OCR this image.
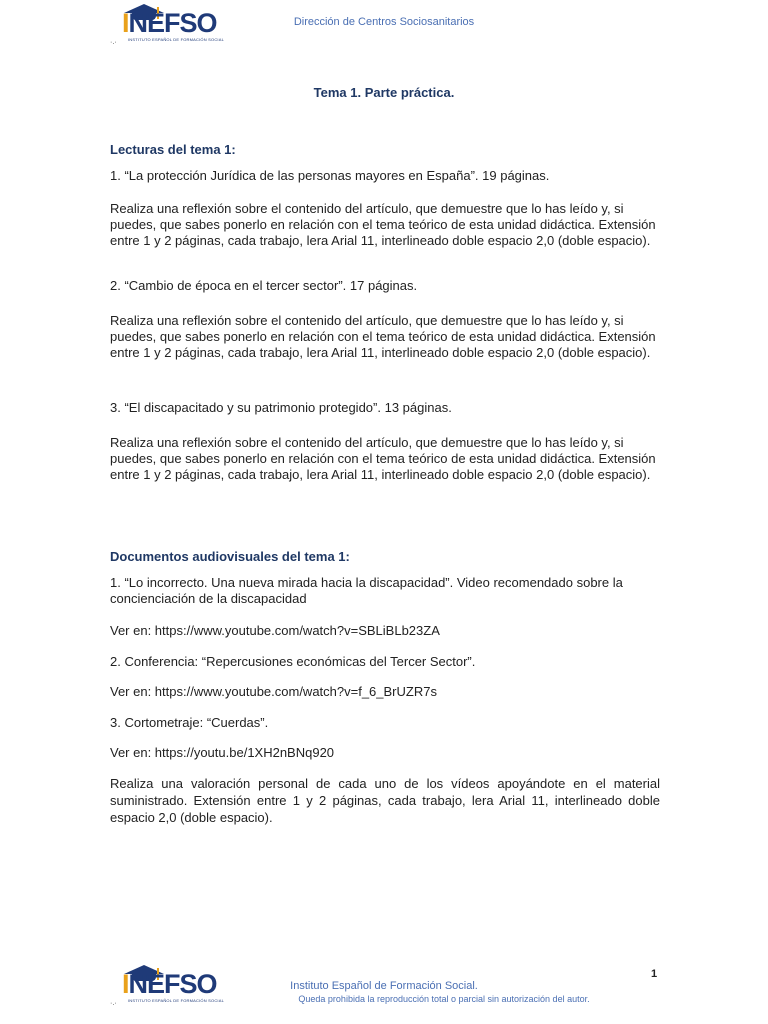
INEFSO
INSTITUTO ESPAÑOL DE FORMACIÓN SOCIAL
·.·
Dirección de Centros Sociosanitarios
Tema 1. Parte práctica.
Lecturas del tema 1:
1. “La protección Jurídica de las personas mayores en España”. 19 páginas.
Realiza una reflexión sobre el contenido del artículo, que demuestre que lo has leído y, si puedes, que sabes ponerlo en relación con el tema teórico de esta unidad didáctica. Extensión entre 1 y 2 páginas, cada trabajo, lera Arial 11, interlineado doble espacio 2,0 (doble espacio).
2. “Cambio de época en el tercer sector”. 17 páginas.
Realiza una reflexión sobre el contenido del artículo, que demuestre que lo has leído y, si puedes, que sabes ponerlo en relación con el tema teórico de esta unidad didáctica. Extensión entre 1 y 2 páginas, cada trabajo, lera Arial 11, interlineado doble espacio 2,0 (doble espacio).
3. “El discapacitado y su patrimonio protegido”. 13 páginas.
Realiza una reflexión sobre el contenido del artículo, que demuestre que lo has leído y, si puedes, que sabes ponerlo en relación con el tema teórico de esta unidad didáctica. Extensión entre 1 y 2 páginas, cada trabajo, lera Arial 11, interlineado doble espacio 2,0 (doble espacio).
Documentos audiovisuales del tema 1:
1. “Lo incorrecto. Una nueva mirada hacia la discapacidad”. Video recomendado sobre la concienciación de la discapacidad
Ver en: https://www.youtube.com/watch?v=SBLiBLb23ZA
2. Conferencia: “Repercusiones económicas del Tercer Sector”.
Ver en: https://www.youtube.com/watch?v=f_6_BrUZR7s
3. Cortometraje: “Cuerdas”.
Ver en: https://youtu.be/1XH2nBNq920
Realiza una valoración personal de cada uno de los vídeos apoyándote en el material suministrado. Extensión entre 1 y 2 páginas, cada trabajo, lera Arial 11, interlineado doble espacio 2,0 (doble espacio).
1
INEFSO
INSTITUTO ESPAÑOL DE FORMACIÓN SOCIAL
·.·
Instituto Español de Formación Social.
Queda prohibida la reproducción total o parcial sin autorización del autor.
